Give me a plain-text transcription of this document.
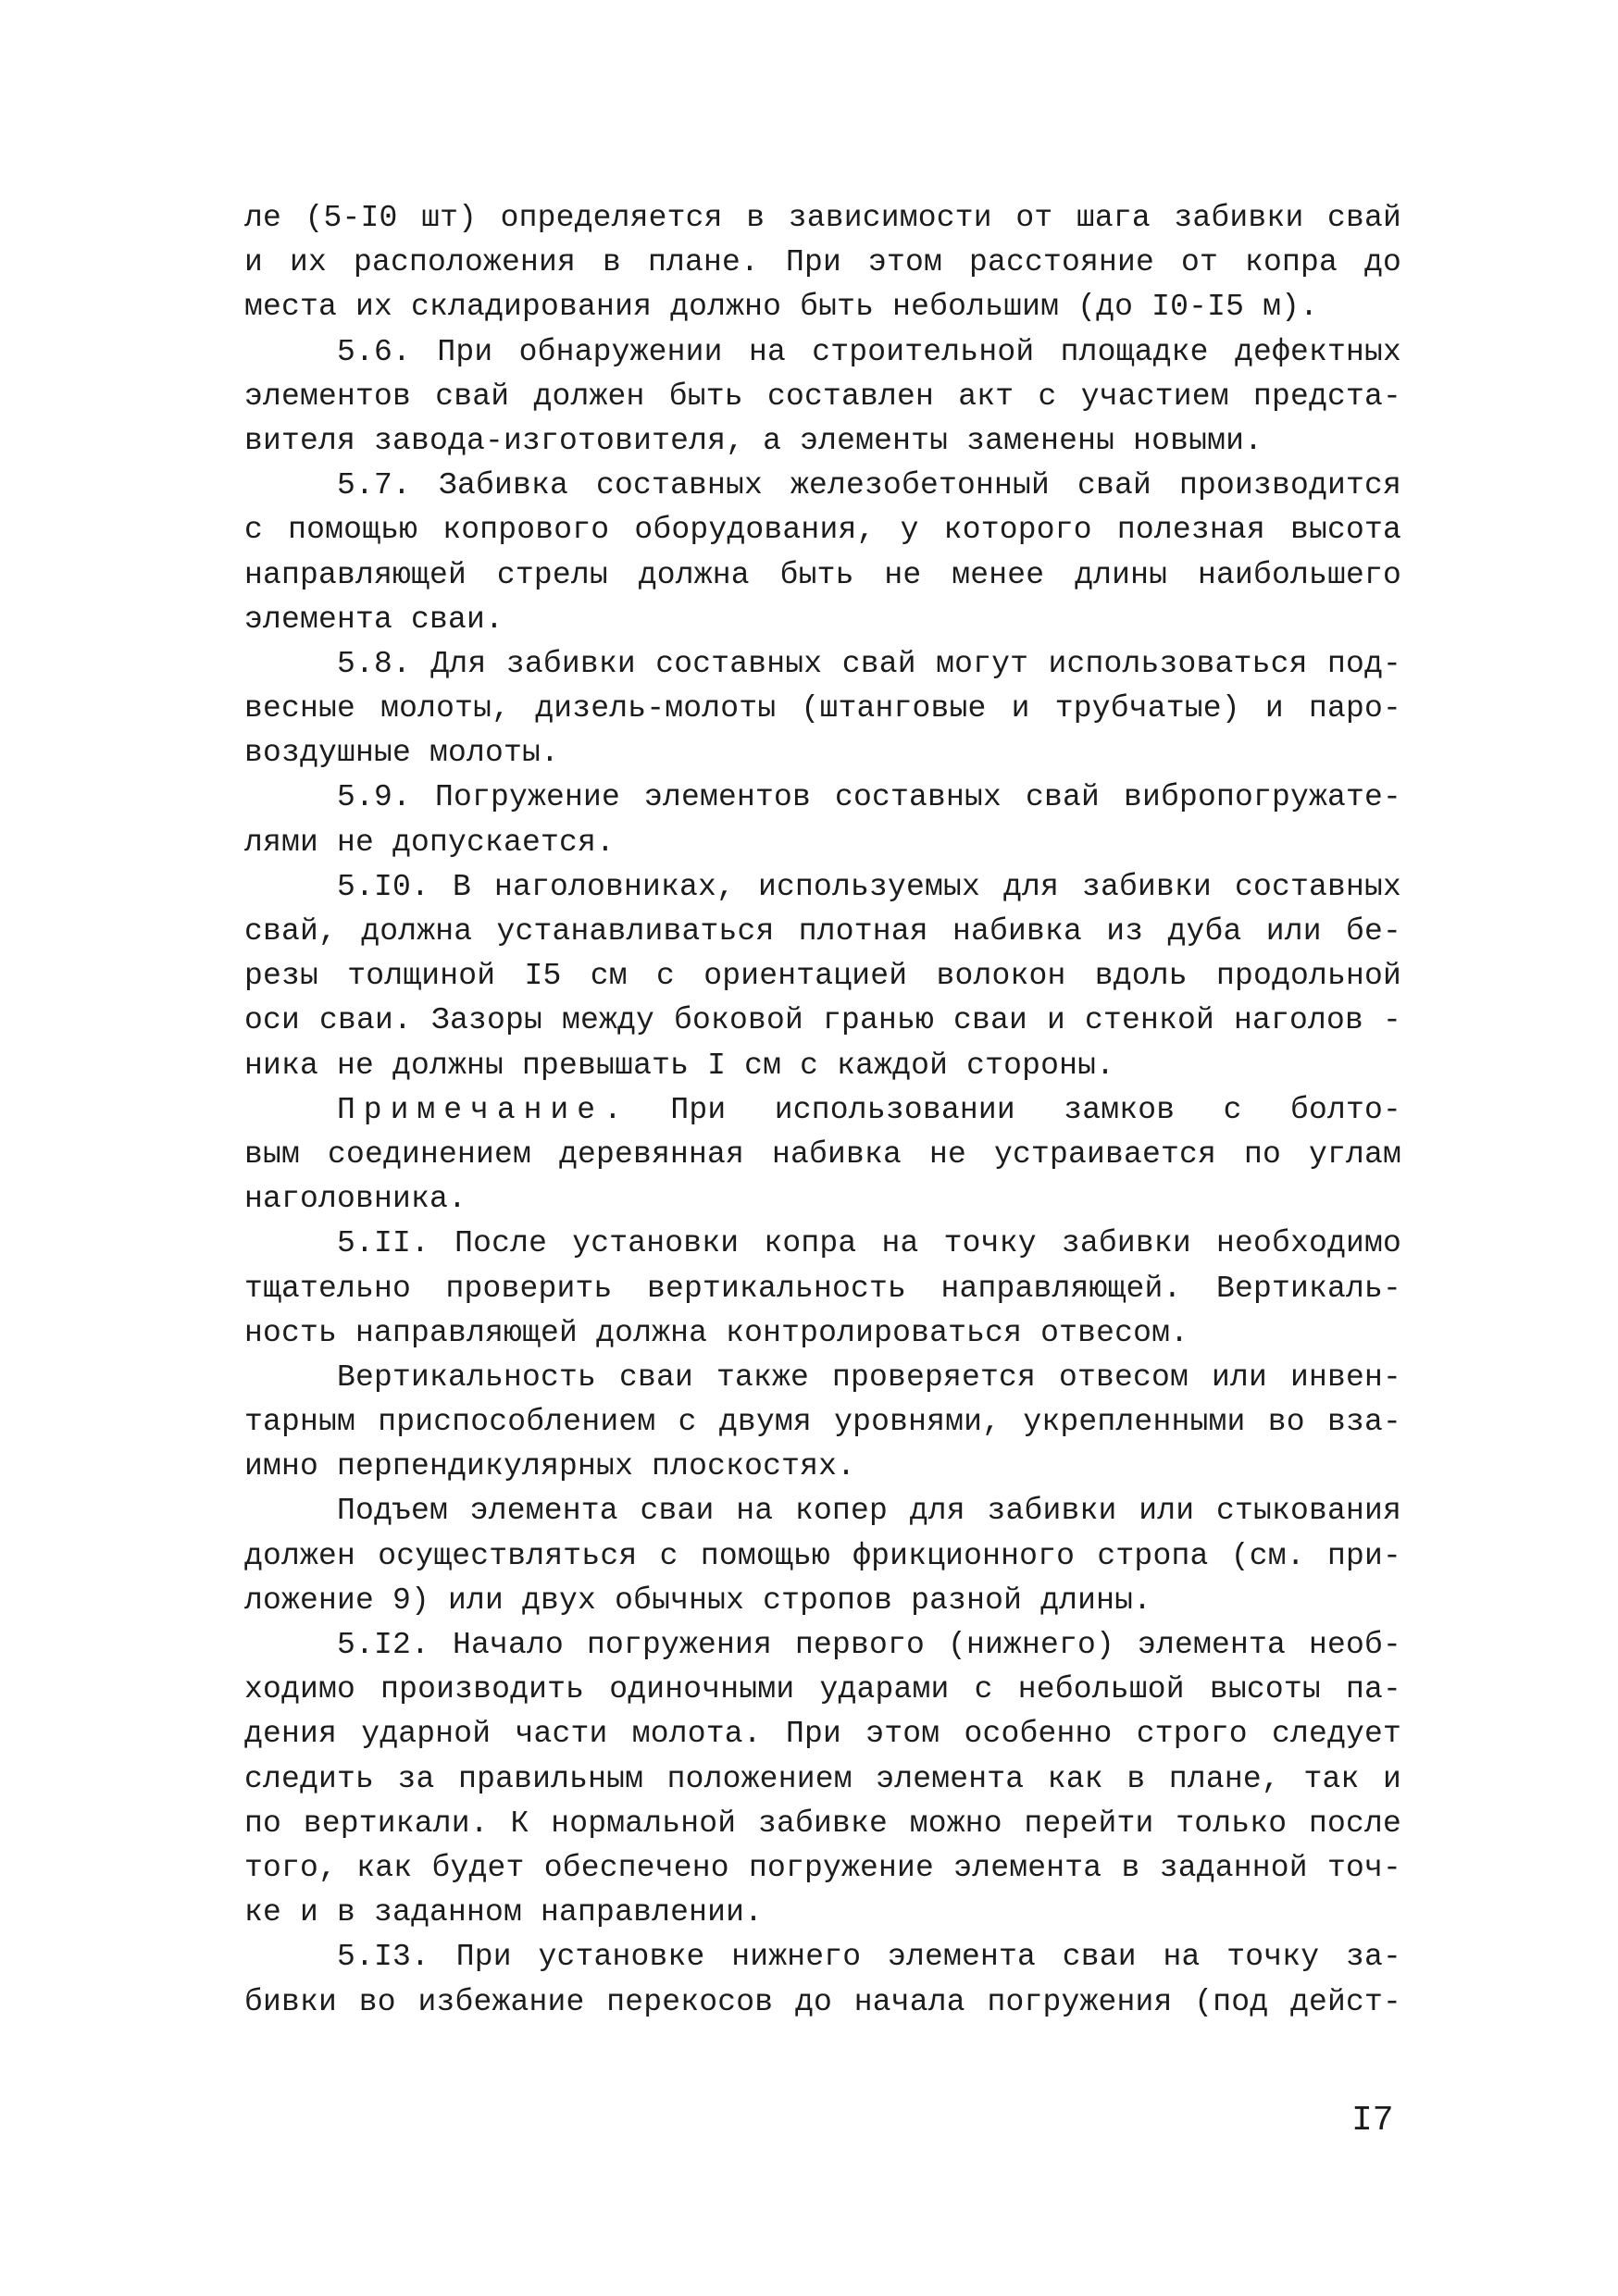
ле (5-I0 шт) определяется в зависимости от шага забивки свай
и их расположения в плане. При этом расстояние от копра до
места их складирования должно быть небольшим (до I0-I5 м).
5.6. При обнаружении на строительной площадке дефектных
элементов свай должен быть составлен акт с участием предста-
вителя завода-изготовителя, а элементы заменены новыми.
5.7. Забивка составных железобетонный свай производится
с помощью копрового оборудования, у которого полезная высота
направляющей стрелы должна быть не менее длины наибольшего
элемента сваи.
5.8. Для забивки составных свай могут использоваться под-
весные молоты, дизель-молоты (штанговые и трубчатые) и паро-
воздушные молоты.
5.9. Погружение элементов составных свай вибропогружате-
лями не допускается.
5.I0. В наголовниках, используемых для забивки составных
свай, должна устанавливаться плотная набивка из дуба или бе-
резы толщиной I5 см с ориентацией волокон вдоль продольной
оси сваи. Зазоры между боковой гранью сваи и стенкой наголов -
ника не должны превышать I см с каждой стороны.
Примечание. При использовании замков с болто-
вым соединением деревянная набивка не устраивается по углам
наголовника.
5.II. После установки копра на точку забивки необходимо
тщательно проверить вертикальность направляющей. Вертикаль-
ность направляющей должна контролироваться отвесом.
Вертикальность сваи также проверяется отвесом или инвен-
тарным приспособлением с двумя уровнями, укрепленными во вза-
имно перпендикулярных плоскостях.
Подъем элемента сваи на копер для забивки или стыкования
должен осуществляться с помощью фрикционного стропа (см. при-
ложение 9) или двух обычных стропов разной длины.
5.I2. Начало погружения первого (нижнего) элемента необ-
ходимо производить одиночными ударами с небольшой высоты па-
дения ударной части молота. При этом особенно строго следует
следить за правильным положением элемента как в плане, так и
по вертикали. К нормальной забивке можно перейти только после
того, как будет обеспечено погружение элемента в заданной точ-
ке и в заданном направлении.
5.I3. При установке нижнего элемента сваи на точку за-
бивки во избежание перекосов до начала погружения (под дейст-
I7
